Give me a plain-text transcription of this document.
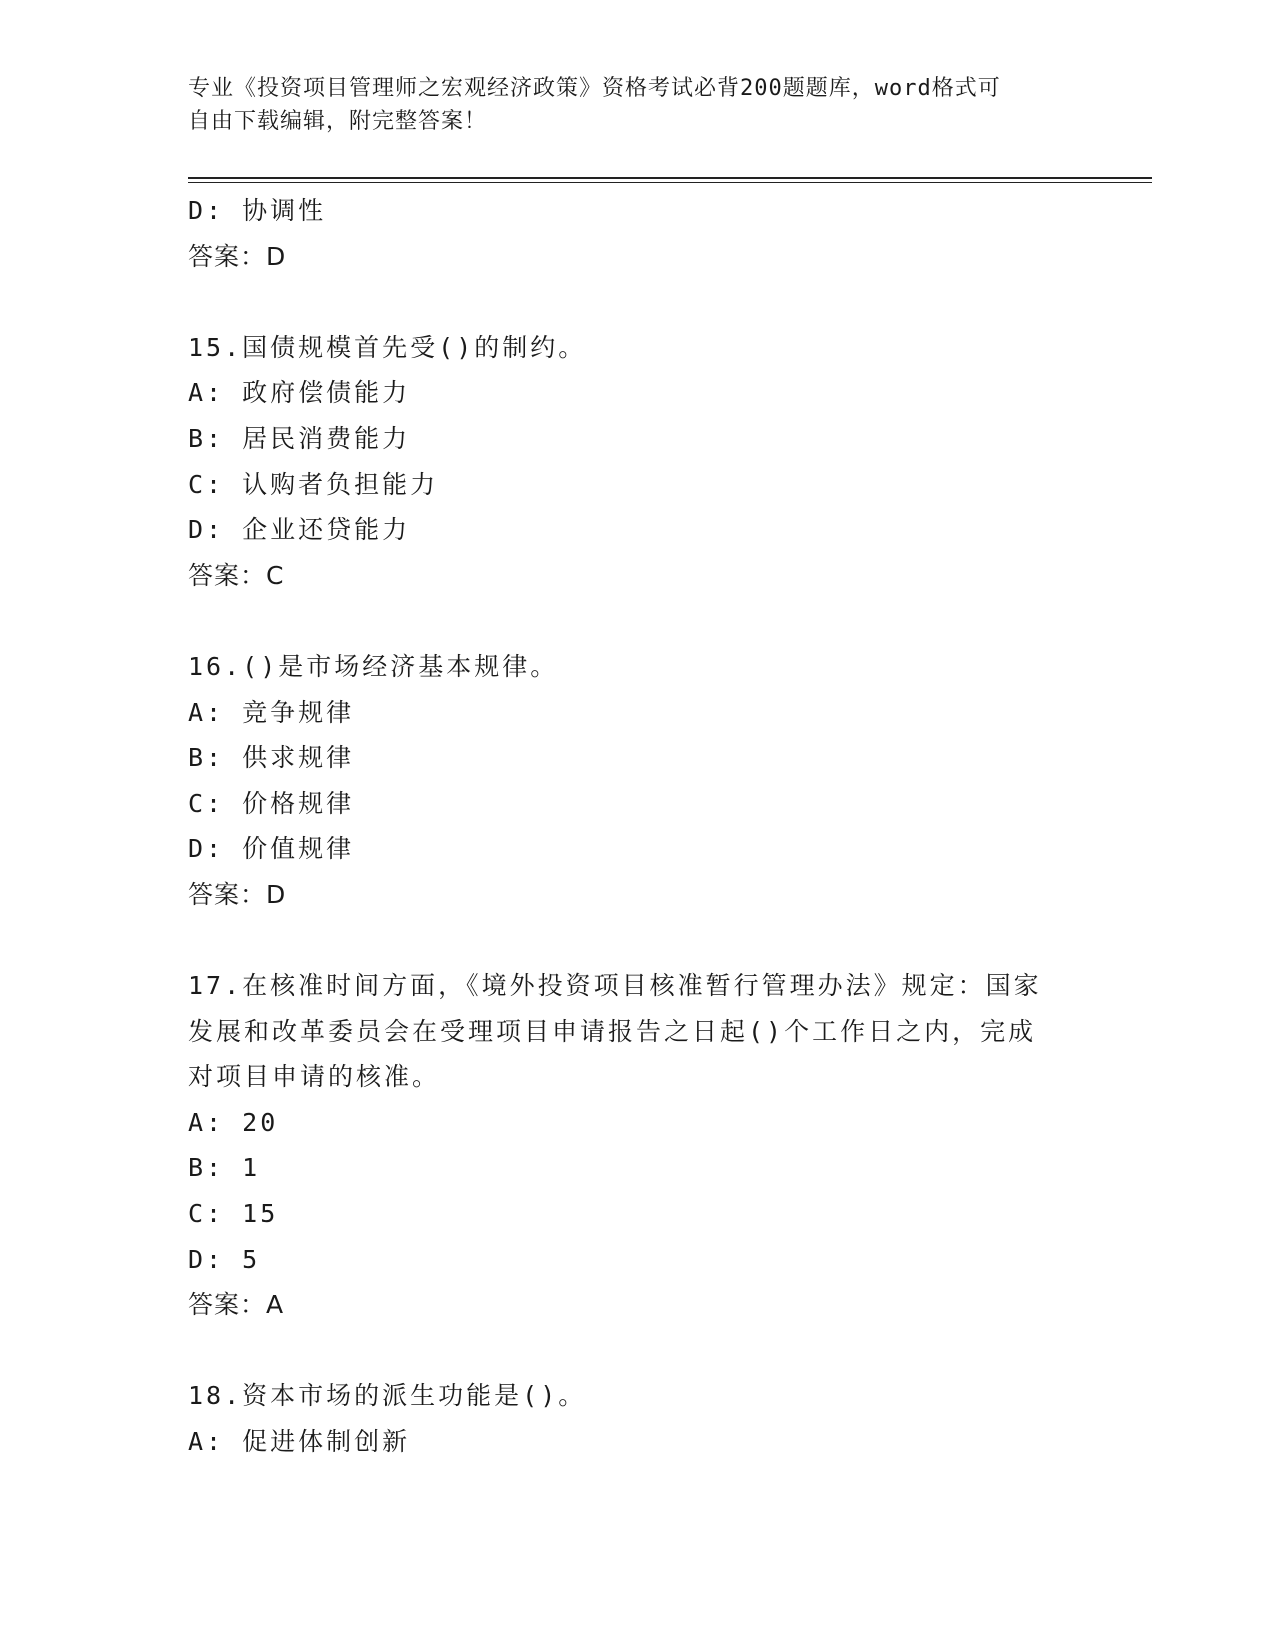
专业《投资项目管理师之宏观经济政策》资格考试必背200题题库，word格式可
自由下载编辑，附完整答案！
D: 协调性
答案：D
15.国债规模首先受()的制约。
A: 政府偿债能力
B: 居民消费能力
C: 认购者负担能力
D: 企业还贷能力
答案：C
16.()是市场经济基本规律。
A: 竞争规律
B: 供求规律
C: 价格规律
D: 价值规律
答案：D
17.在核准时间方面，《境外投资项目核准暂行管理办法》规定：国家
发展和改革委员会在受理项目申请报告之日起()个工作日之内，完成
对项目申请的核准。
A: 20
B: 1
C: 15
D: 5
答案：A
18.资本市场的派生功能是()。
A: 促进体制创新
